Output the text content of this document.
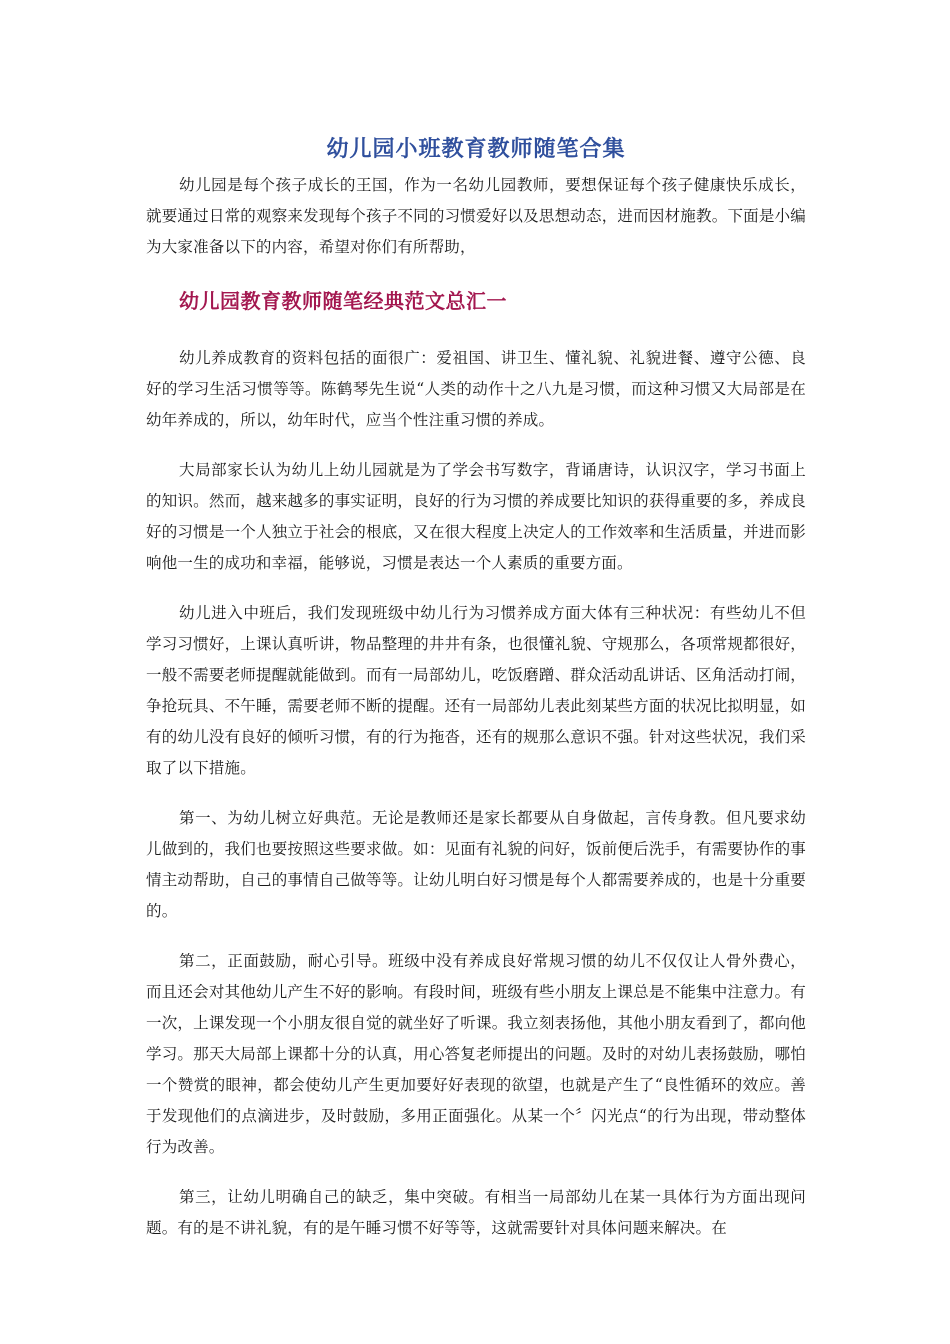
幼儿园小班教育教师随笔合集

幼儿园是每个孩子成长的王国，作为一名幼儿园教师，要想保证每个孩子健康快乐成长，就要通过日常的观察来发现每个孩子不同的习惯爱好以及思想动态，进而因材施教。下面是小编为大家准备以下的内容，希望对你们有所帮助，

幼儿园教育教师随笔经典范文总汇一

幼儿养成教育的资料包括的面很广：爱祖国、讲卫生、懂礼貌、礼貌进餐、遵守公德、良好的学习生活习惯等等。陈鹤琴先生说“人类的动作十之八九是习惯，而这种习惯又大局部是在幼年养成的，所以，幼年时代，应当个性注重习惯的养成。

大局部家长认为幼儿上幼儿园就是为了学会书写数字，背诵唐诗，认识汉字，学习书面上的知识。然而，越来越多的事实证明，良好的行为习惯的养成要比知识的获得重要的多，养成良好的习惯是一个人独立于社会的根底，又在很大程度上决定人的工作效率和生活质量，并进而影响他一生的成功和幸福，能够说，习惯是表达一个人素质的重要方面。

幼儿进入中班后，我们发现班级中幼儿行为习惯养成方面大体有三种状况：有些幼儿不但学习习惯好，上课认真听讲，物品整理的井井有条，也很懂礼貌、守规那么，各项常规都很好，一般不需要老师提醒就能做到。而有一局部幼儿，吃饭磨蹭、群众活动乱讲话、区角活动打闹，争抢玩具、不午睡，需要老师不断的提醒。还有一局部幼儿表此刻某些方面的状况比拟明显，如有的幼儿没有良好的倾听习惯，有的行为拖沓，还有的规那么意识不强。针对这些状况，我们采取了以下措施。

第一、为幼儿树立好典范。无论是教师还是家长都要从自身做起，言传身教。但凡要求幼儿做到的，我们也要按照这些要求做。如：见面有礼貌的问好，饭前便后洗手，有需要协作的事情主动帮助，自己的事情自己做等等。让幼儿明白好习惯是每个人都需要养成的，也是十分重要的。

第二，正面鼓励，耐心引导。班级中没有养成良好常规习惯的幼儿不仅仅让人骨外费心，而且还会对其他幼儿产生不好的影响。有段时间，班级有些小朋友上课总是不能集中注意力。有一次，上课发现一个小朋友很自觉的就坐好了听课。我立刻表扬他，其他小朋友看到了，都向他学习。那天大局部上课都十分的认真，用心答复老师提出的问题。及时的对幼儿表扬鼓励，哪怕一个赞赏的眼神，都会使幼儿产生更加要好好表现的欲望，也就是产生了“良性循环的效应。善于发现他们的点滴进步，及时鼓励，多用正面强化。从某一个〞闪光点“的行为出现，带动整体行为改善。

第三，让幼儿明确自己的缺乏，集中突破。有相当一局部幼儿在某一具体行为方面出现问题。有的是不讲礼貌，有的是午睡习惯不好等等，这就需要针对具体问题来解决。在
